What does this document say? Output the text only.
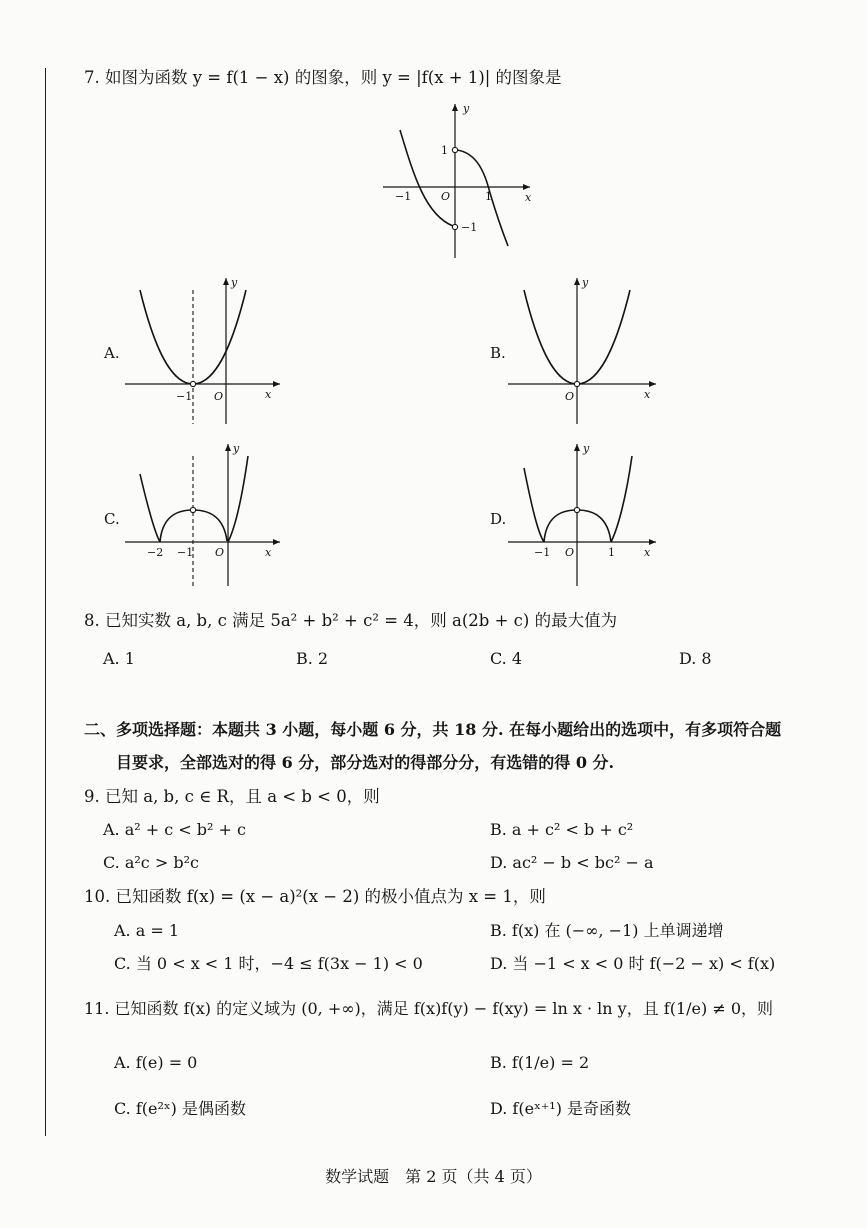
7. 如图为函数 y = f(1 − x) 的图象，则 y = |f(x + 1)| 的图象是
y
x
1
−1	O	1
−1
A.
y
x
−1 O
B.
y
x
O
C.
y
x
−2 −1 O
D.
y
x
−1 O	1
8. 已知实数 a, b, c 满足 5a² + b² + c² = 4，则 a(2b + c) 的最大值为
A. 1	B. 2	C. 4	D. 8
二、多项选择题：本题共 3 小题，每小题 6 分，共 18 分. 在每小题给出的选项中，有多项符合题
目要求，全部选对的得 6 分，部分选对的得部分分，有选错的得 0 分.
9. 已知 a, b, c ∈ R，且 a < b < 0，则
A. a² + c < b² + c	B. a + c² < b + c²
C. a²c > b²c	D. ac² − b < bc² − a
10. 已知函数 f(x) = (x − a)²(x − 2) 的极小值点为 x = 1，则
A. a = 1	B. f(x) 在 (−∞, −1) 上单调递增
C. 当 0 < x < 1 时，−4 ≤ f(3x − 1) < 0	D. 当 −1 < x < 0 时 f(−2 − x) < f(x)
11. 已知函数 f(x) 的定义域为 (0, +∞)，满足 f(x)f(y) − f(xy) = ln x · ln y，且 f(1/e) ≠ 0，则
A. f(e) = 0	B. f(1/e) = 2
C. f(e²ˣ) 是偶函数	D. f(eˣ⁺¹) 是奇函数
数学试题　第 2 页（共 4 页）
